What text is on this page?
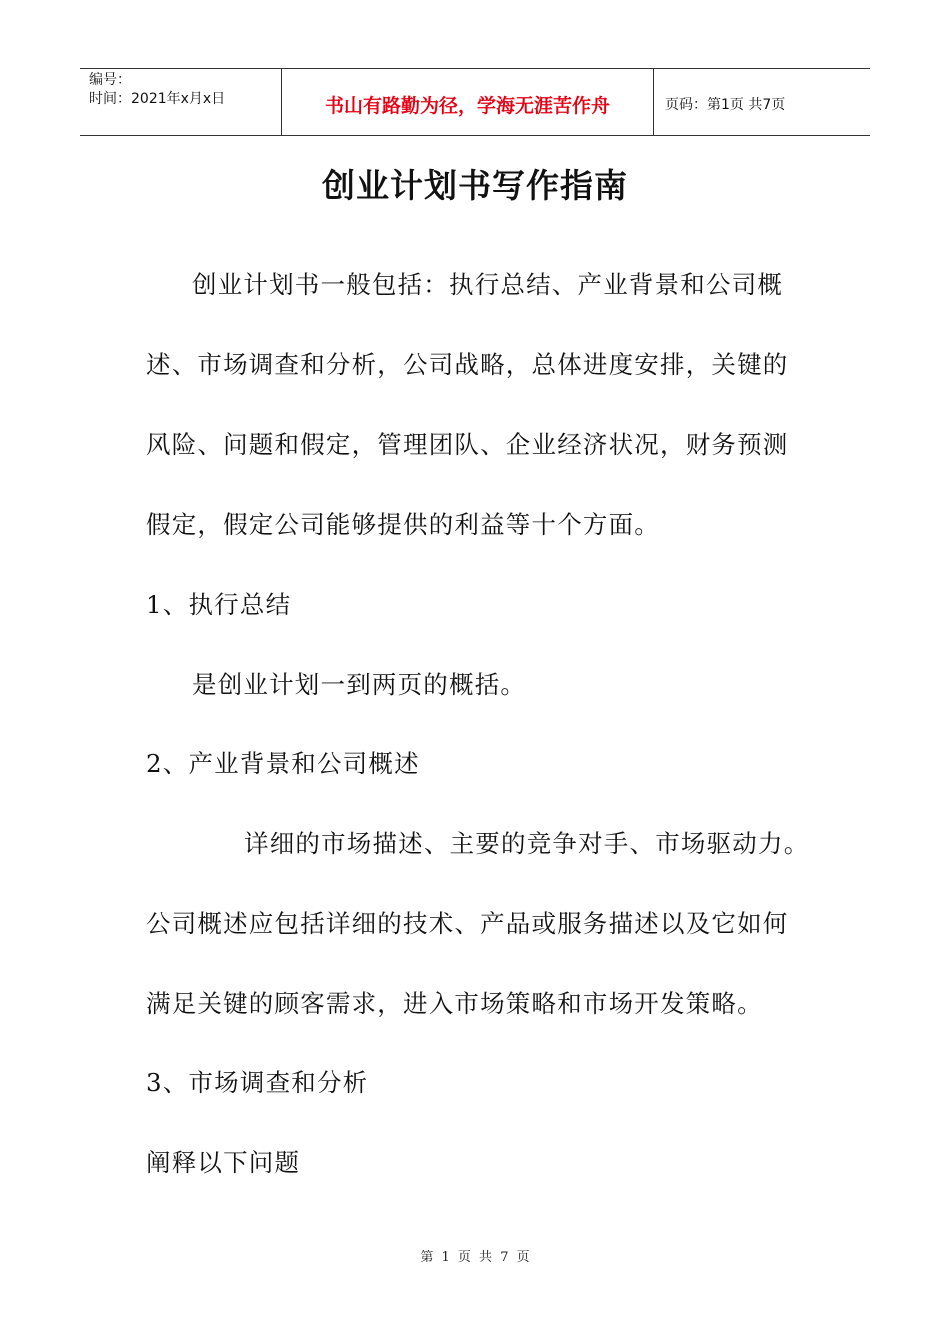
编号：
时间：2021年x月x日	书山有路勤为径，学海无涯苦作舟	页码：第1页 共7页
创业计划书写作指南
创业计划书一般包括：执行总结、产业背景和公司概
述、市场调查和分析，公司战略，总体进度安排，关键的
风险、问题和假定，管理团队、企业经济状况，财务预测
假定，假定公司能够提供的利益等十个方面。
1、执行总结
是创业计划一到两页的概括。
2、产业背景和公司概述
详细的市场描述、主要的竞争对手、市场驱动力。
公司概述应包括详细的技术、产品或服务描述以及它如何
满足关键的顾客需求，进入市场策略和市场开发策略。
3、市场调查和分析
阐释以下问题
第 1 页 共 7 页
